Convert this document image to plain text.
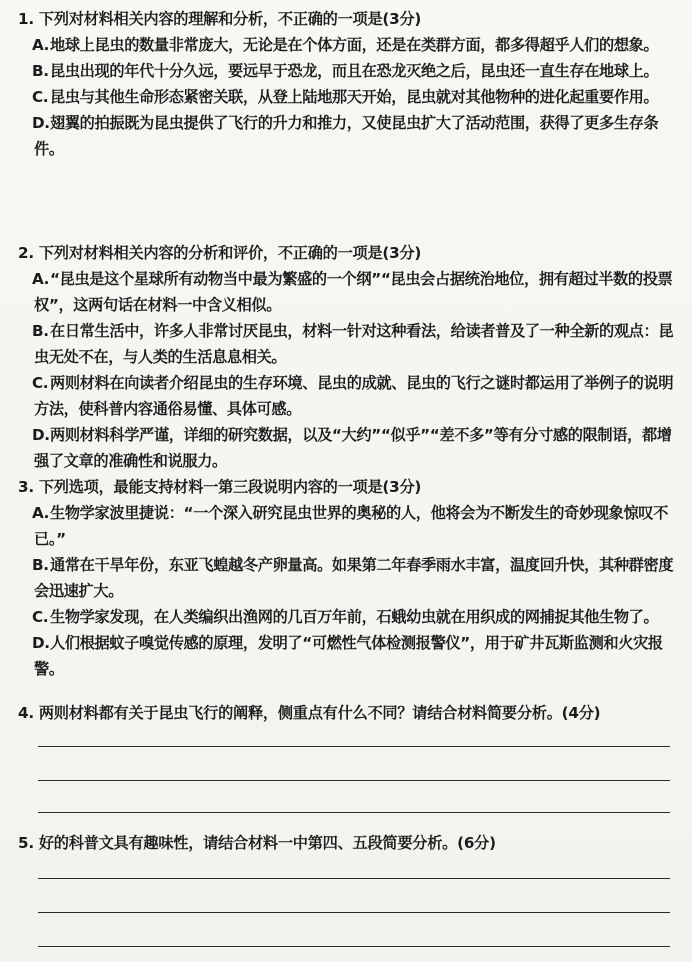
1. 下列对材料相关内容的理解和分析，不正确的一项是(3分)
A.地球上昆虫的数量非常庞大，无论是在个体方面，还是在类群方面，都多得超乎人们的想象。
B.昆虫出现的年代十分久远，要远早于恐龙，而且在恐龙灭绝之后，昆虫还一直生存在地球上。
C. 昆虫与其他生命形态紧密关联，从登上陆地那天开始，昆虫就对其他物种的进化起重要作用。
D.翅翼的拍振既为昆虫提供了飞行的升力和推力，又使昆虫扩大了活动范围，获得了更多生存条件。
2. 下列对材料相关内容的分析和评价，不正确的一项是(3分)
A.“昆虫是这个星球所有动物当中最为繁盛的一个纲”“昆虫会占据统治地位，拥有超过半数的投票权”，这两句话在材料一中含义相似。
B.在日常生活中，许多人非常讨厌昆虫，材料一针对这种看法，给读者普及了一种全新的观点：昆虫无处不在，与人类的生活息息相关。
C. 两则材料在向读者介绍昆虫的生存环境、昆虫的成就、昆虫的飞行之谜时都运用了举例子的说明方法，使科普内容通俗易懂、具体可感。
D.两则材料科学严谨，详细的研究数据，以及“大约”“似乎”“差不多”等有分寸感的限制语，都增强了文章的准确性和说服力。
3. 下列选项，最能支持材料一第三段说明内容的一项是(3分)
A.生物学家波里捷说：“一个深入研究昆虫世界的奥秘的人，他将会为不断发生的奇妙现象惊叹不已。”
B.通常在干旱年份，东亚飞蝗越冬产卵量高。如果第二年春季雨水丰富，温度回升快，其种群密度会迅速扩大。
C. 生物学家发现，在人类编织出渔网的几百万年前，石蛾幼虫就在用织成的网捕捉其他生物了。
D.人们根据蚊子嗅觉传感的原理，发明了“可燃性气体检测报警仪”，用于矿井瓦斯监测和火灾报警。
4. 两则材料都有关于昆虫飞行的阐释，侧重点有什么不同？请结合材料简要分析。(4分)
5. 好的科普文具有趣味性，请结合材料一中第四、五段简要分析。(6分)
